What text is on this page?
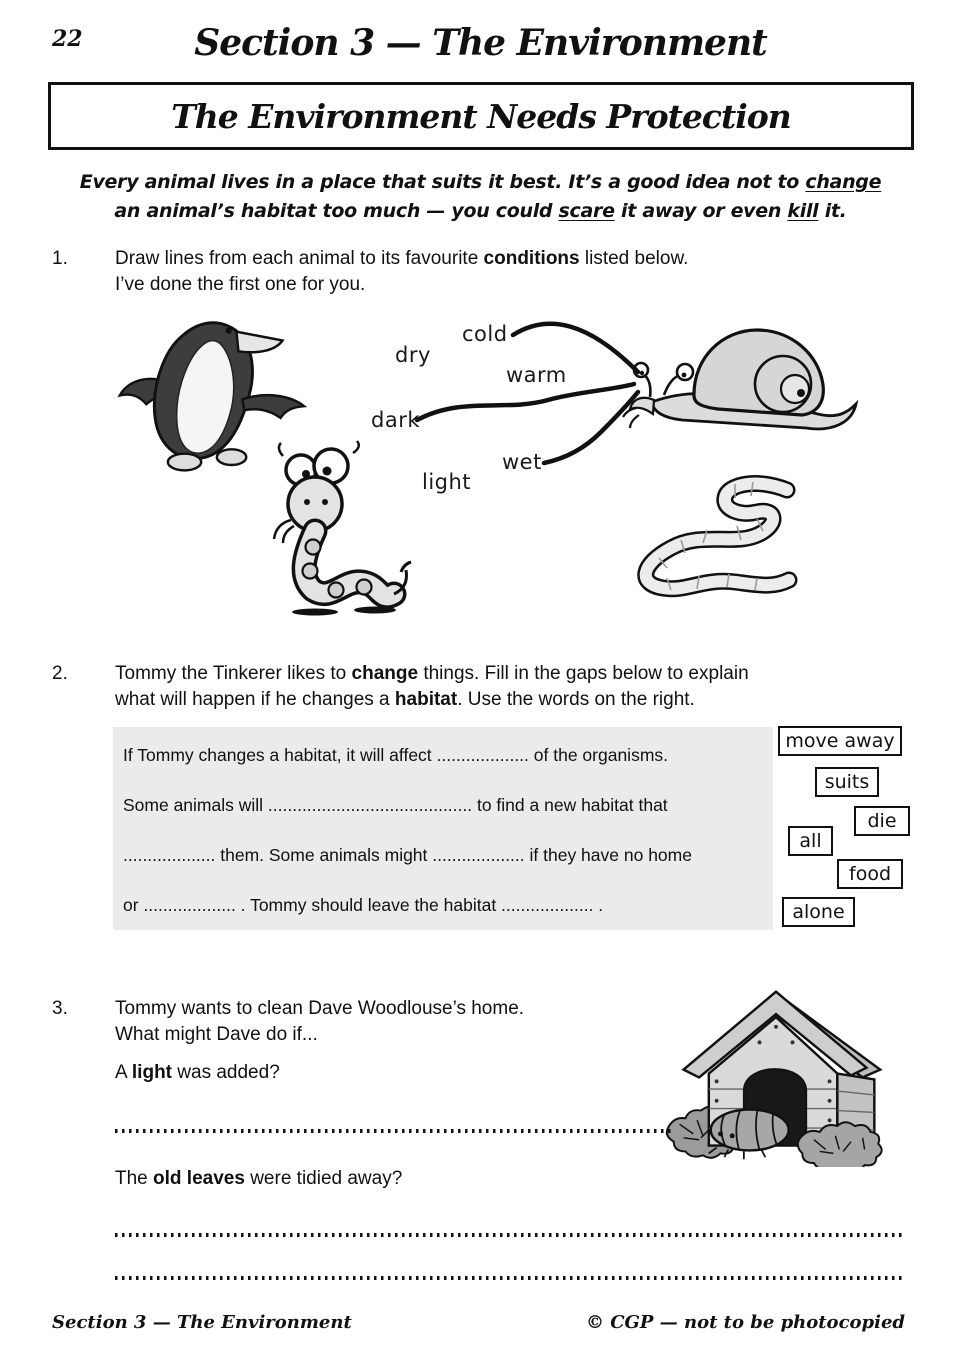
22	Section 3 — The Environment
The Environment Needs Protection
Every animal lives in a place that suits it best. It’s a good idea not to change
an animal’s habitat too much — you could scare it away or even kill it.
1.	Draw lines from each animal to its favourite conditions listed below.
I’ve done the first one for you.
cold
dry
warm
dark
wet
light
2.	Tommy the Tinkerer likes to change things. Fill in the gaps below to explain
what will happen if he changes a habitat. Use the words on the right.
If Tommy changes a habitat, it will affect ................... of the organisms.
Some animals will .......................................... to find a new habitat that
................... them. Some animals might ................... if they have no home
or ................... . Tommy should leave the habitat ................... .
move away
suits
die
all
food
alone
3.	Tommy wants to clean Dave Woodlouse’s home.
What might Dave do if...
A light was added?
The old leaves were tidied away?
Section 3 — The Environment	© CGP — not to be photocopied
